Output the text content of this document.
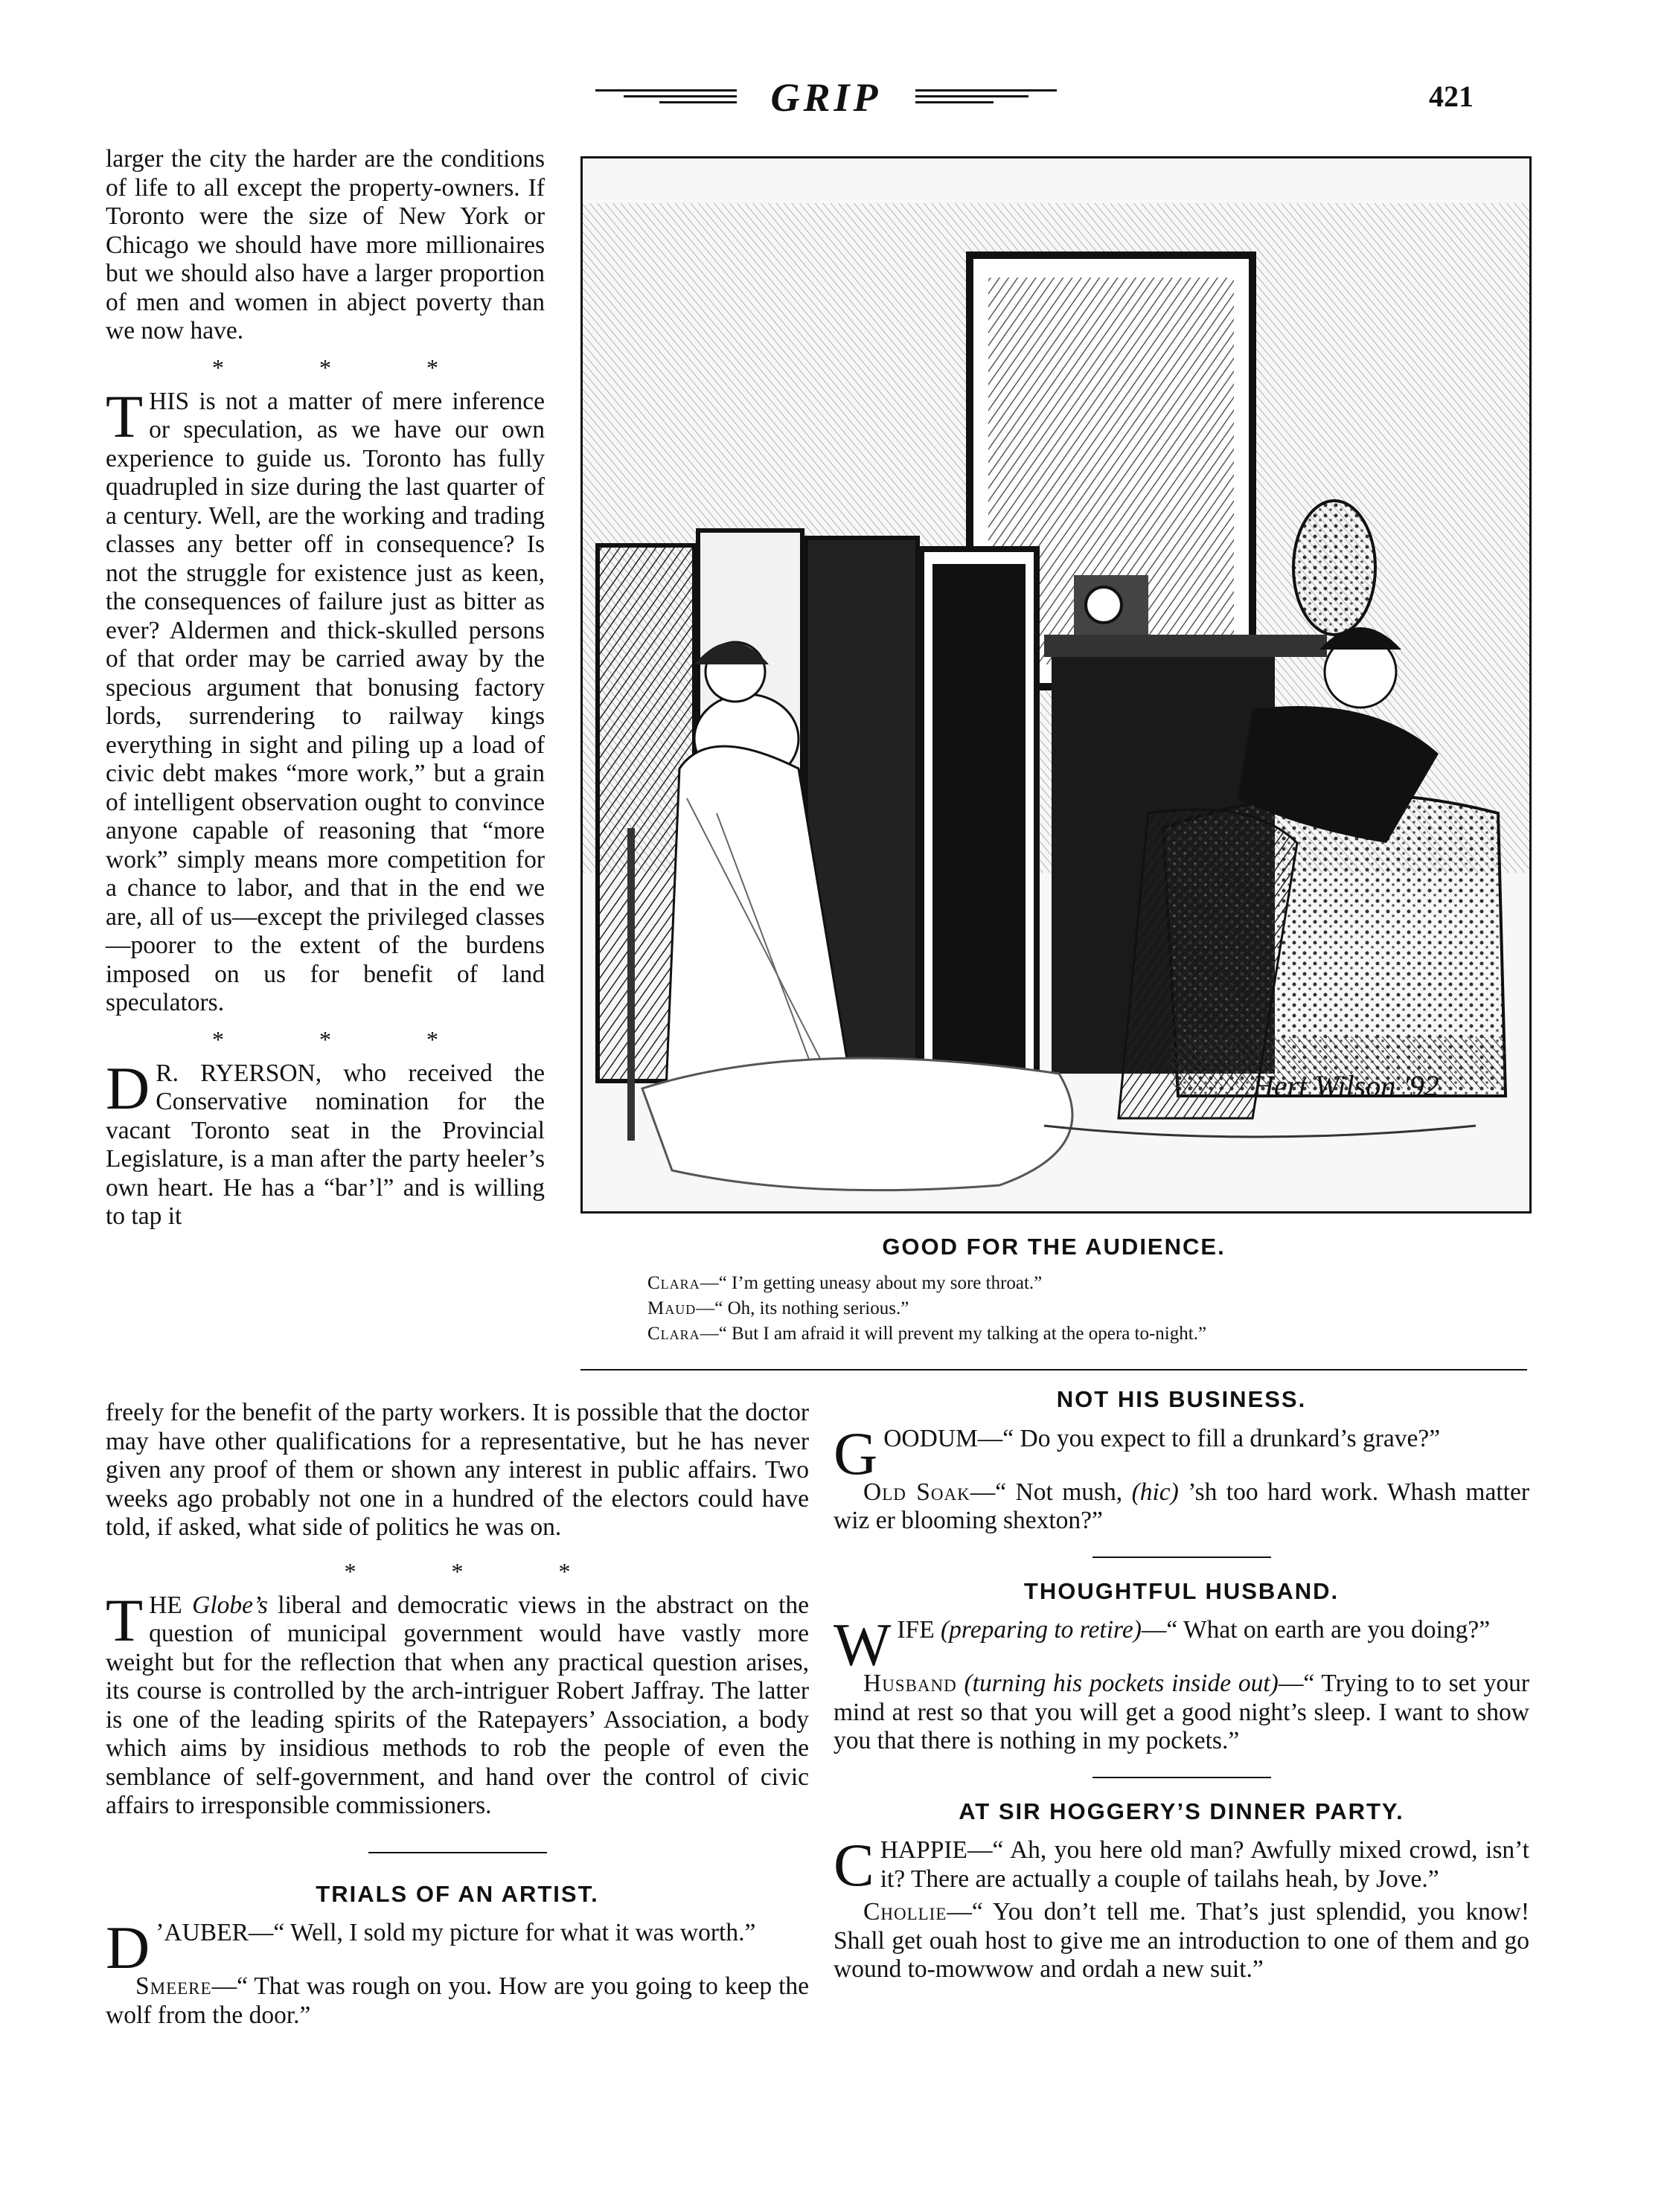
GRIP	421

larger the city the harder are the conditions of life to all except the property-owners. If Toronto were the size of New York or Chicago we should have more millionaires but we should also have a larger proportion of men and women in abject poverty than we now have.

* * *

THIS is not a matter of mere inference or speculation, as we have our own experience to guide us. Toronto has fully quadrupled in size during the last quarter of a century. Well, are the working and trading classes any better off in consequence? Is not the struggle for existence just as keen, the consequences of failure just as bitter as ever? Aldermen and thick-skulled persons of that order may be carried away by the specious argument that bonusing factory lords, surrendering to railway kings everything in sight and piling up a load of civic debt makes “more work,” but a grain of intelligent observation ought to convince anyone capable of reasoning that “more work” simply means more competition for a chance to labor, and that in the end we are, all of us—except the privileged classes—poorer to the extent of the burdens imposed on us for benefit of land speculators.

* * *

D R. RYERSON, who received the Conservative nomination for the vacant Toronto seat in the Provincial Legislature, is a man after the party heeler’s own heart. He has a “bar’l” and is willing to tap it

Hert Wilson '92
GOOD FOR THE AUDIENCE.
Clara—“ I’m getting uneasy about my sore throat.”
Maud—“ Oh, its nothing serious.”
Clara—“ But I am afraid it will prevent my talking at the opera to-night.”

freely for the benefit of the party workers. It is possible that the doctor may have other qualifications for a representative, but he has never given any proof of them or shown any interest in public affairs. Two weeks ago probably not one in a hundred of the electors could have told, if asked, what side of politics he was on.

* * *

THE Globe’s liberal and democratic views in the abstract on the question of municipal government would have vastly more weight but for the reflection that when any practical question arises, its course is controlled by the arch-intriguer Robert Jaffray. The latter is one of the leading spirits of the Ratepayers’ Association, a body which aims by insidious methods to rob the people of even the semblance of self-government, and hand over the control of civic affairs to irresponsible commissioners.

TRIALS OF AN ARTIST.

D ’AUBER—“ Well, I sold my picture for what it was worth.”

Smeere—“ That was rough on you. How are you going to keep the wolf from the door.”

NOT HIS BUSINESS.

GOODUM—“ Do you expect to fill a drunkard’s grave?”

Old Soak—“ Not mush, (hic) ’sh too hard work. Whash matter wiz er blooming shexton?”

THOUGHTFUL HUSBAND.

WIFE (preparing to retire)—“ What on earth are you doing?”

Husband (turning his pockets inside out)—“ Trying to to set your mind at rest so that you will get a good night’s sleep. I want to show you that there is nothing in my pockets.”

AT SIR HOGGERY’S DINNER PARTY.

CHAPPIE—“ Ah, you here old man? Awfully mixed crowd, isn’t it? There are actually a couple of tailahs heah, by Jove.”

Chollie—“ You don’t tell me. That’s just splendid, you know! Shall get ouah host to give me an introduction to one of them and go wound to-mowwow and ordah a new suit.”
